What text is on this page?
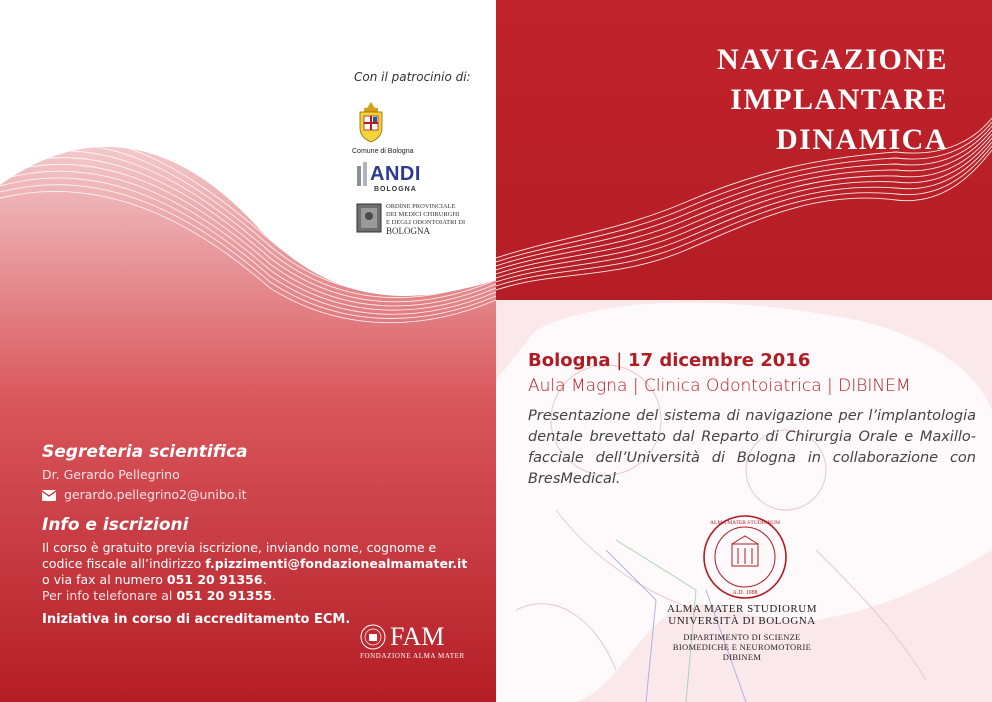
Con il patrocinio di:
Comune di Bologna
ANDI
BOLOGNA
ORDINE PROVINCIALE
DEI MEDICI CHIRURGHI
E DEGLI ODONTOIATRI DI
BOLOGNA
Segreteria scientifica
Dr. Gerardo Pellegrino
gerardo.pellegrino2@unibo.it
Info e iscrizioni
Il corso è gratuito previa iscrizione, inviando nome, cognome e
codice fiscale all’indirizzo f.pizzimenti@fondazionealmamater.it
o via fax al numero 051 20 91356.
Per info telefonare al 051 20 91355.
Iniziativa in corso di accreditamento ECM.
FAM
FONDAZIONE ALMA MATER
NAVIGAZIONE
IMPLANTARE
DINAMICA
Bologna | 17 dicembre 2016
Aula Magna | Clinica Odontoiatrica | DIBINEM
Presentazione del sistema di navigazione per l’implantologia dentale brevettato dal Reparto di Chirurgia Orale e Maxillo-facciale dell’Università di Bologna in collaborazione con BresMedical.
A.D. 1088
ALMA MATER STUDIORUM
ALMA MATER STUDIORUM
UNIVERSITÀ DI BOLOGNA
DIPARTIMENTO DI SCIENZE
BIOMEDICHE E NEUROMOTORIE
DIBINEM
